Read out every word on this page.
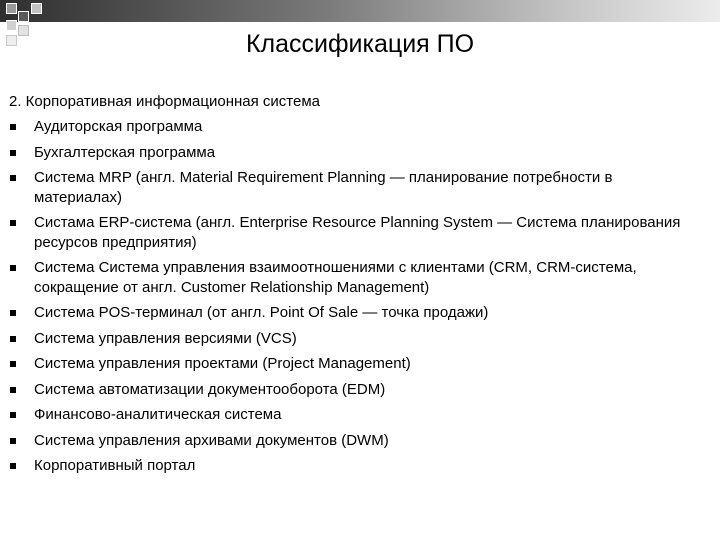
Классификация ПО
2. Корпоративная информационная система
Аудиторская программа
Бухгалтерская программа
Система MRP (англ. Material Requirement Planning — планирование потребности в материалах)
Систама ERP-система (англ. Enterprise Resource Planning System — Система планирования ресурсов предприятия)
Система Система управления взаимоотношениями с клиентами (CRM, CRM-система, сокращение от англ. Customer Relationship Management)
Система POS-терминал (от англ. Point Of Sale — точка продажи)
Система управления версиями (VCS)
Система управления проектами (Project Management)
Система автоматизации документооборота (EDM)
Финансово-аналитическая система
Система управления архивами документов (DWM)
Корпоративный портал
